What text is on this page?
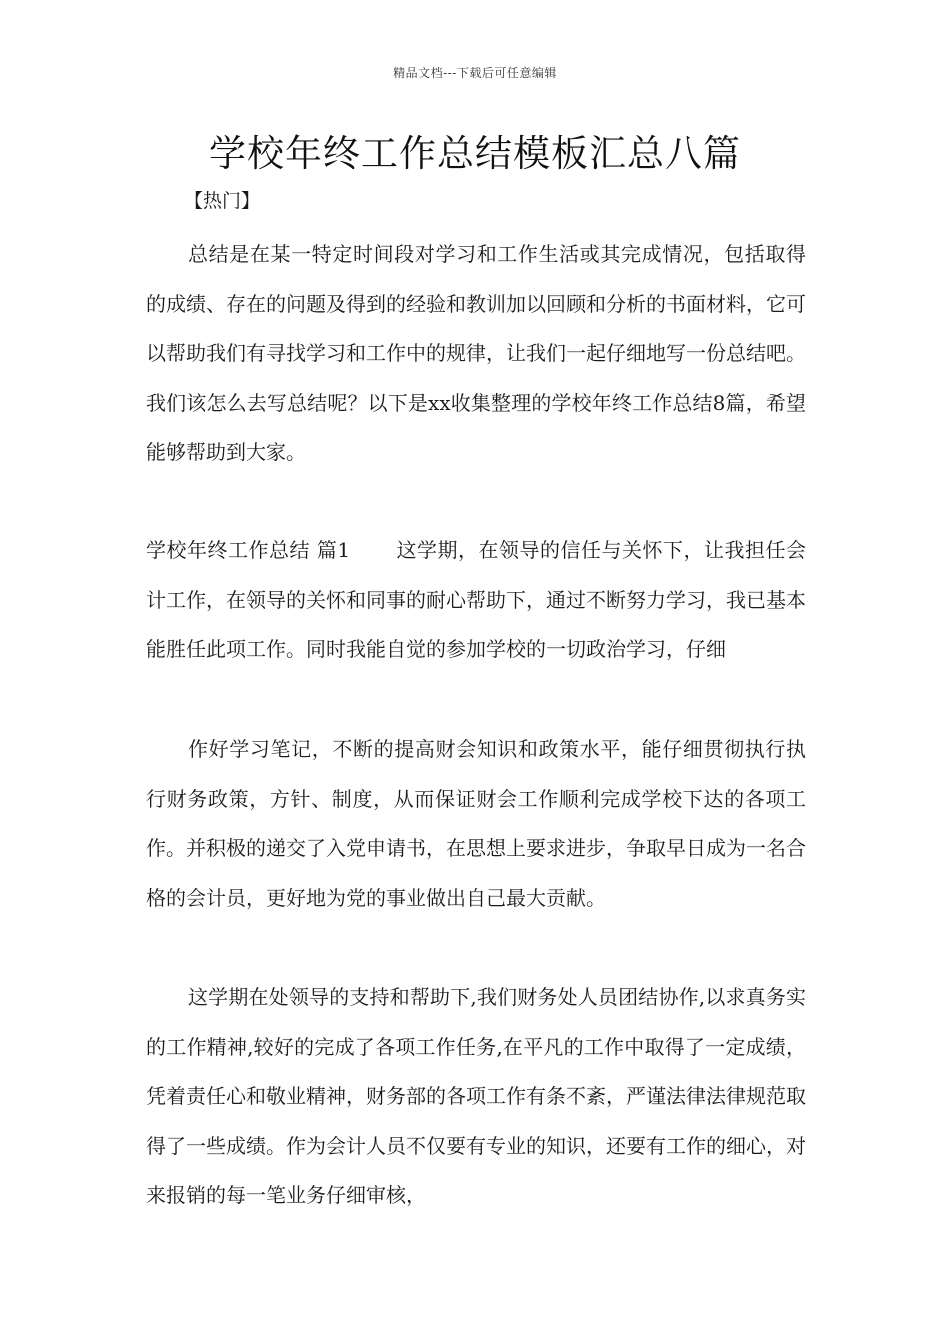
精品文档---下载后可任意编辑
学校年终工作总结模板汇总八篇
【热门】

总结是在某一特定时间段对学习和工作生活或其完成情况，包括取得的成绩、存在的问题及得到的经验和教训加以回顾和分析的书面材料，它可以帮助我们有寻找学习和工作中的规律，让我们一起仔细地写一份总结吧。我们该怎么去写总结呢？以下是xx收集整理的学校年终工作总结8篇，希望能够帮助到大家。

学校年终工作总结 篇1 这学期，在领导的信任与关怀下，让我担任会计工作，在领导的关怀和同事的耐心帮助下，通过不断努力学习，我已基本能胜任此项工作。同时我能自觉的参加学校的一切政治学习，仔细

作好学习笔记，不断的提高财会知识和政策水平，能仔细贯彻执行执行财务政策，方针、制度，从而保证财会工作顺利完成学校下达的各项工作。并积极的递交了入党申请书，在思想上要求进步，争取早日成为一名合格的会计员，更好地为党的事业做出自己最大贡献。

这学期在处领导的支持和帮助下,我们财务处人员团结协作,以求真务实的工作精神,较好的完成了各项工作任务,在平凡的工作中取得了一定成绩，凭着责任心和敬业精神，财务部的各项工作有条不紊，严谨法律法律规范取得了一些成绩。作为会计人员不仅要有专业的知识，还要有工作的细心，对来报销的每一笔业务仔细审核，
